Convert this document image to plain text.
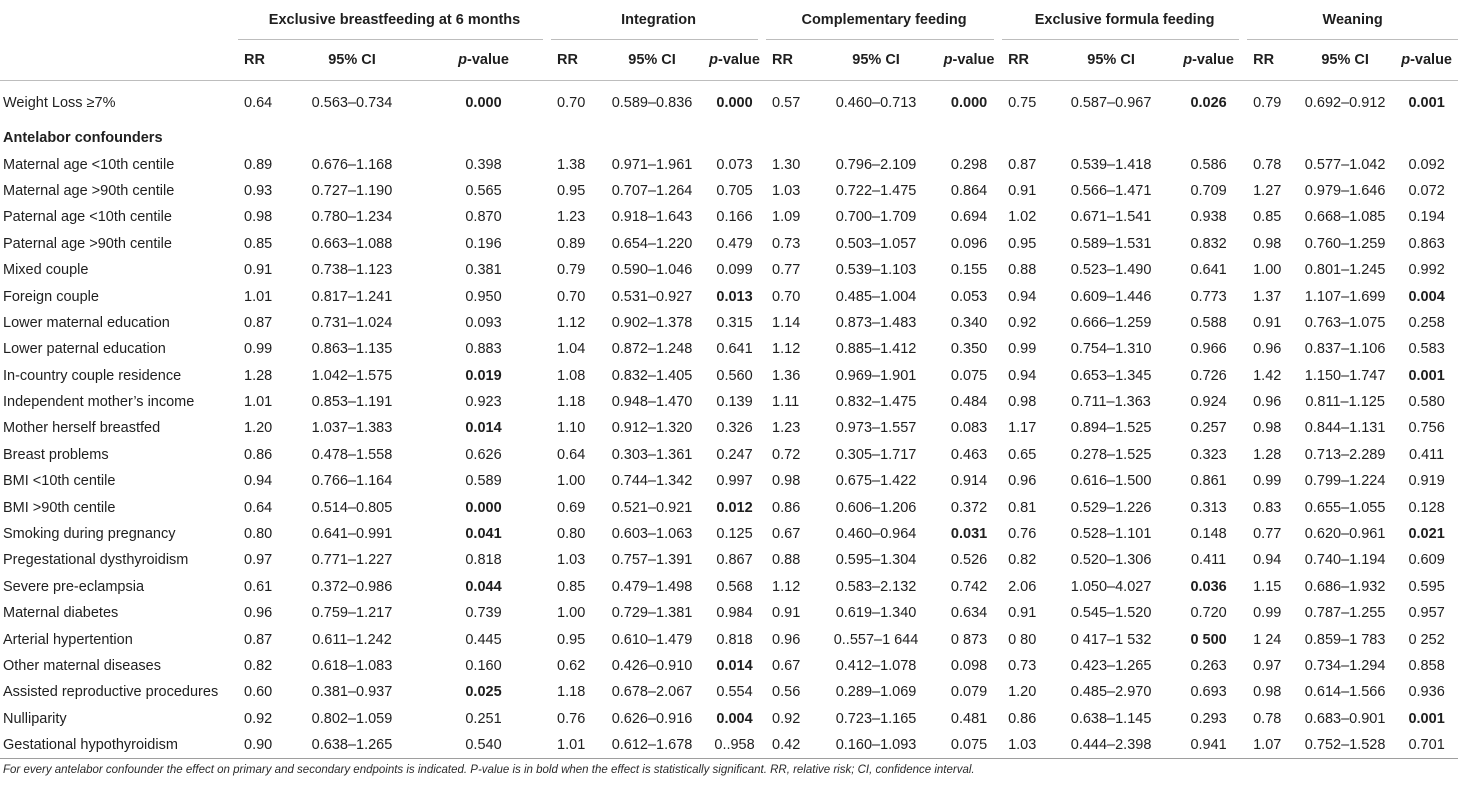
	Exclusive breastfeeding at 6 months			Integration			Complementary feeding			Exclusive formula feeding			Weaning		
	RR	95% CI	p-value	RR	95% CI	p-value	RR	95% CI	p-value	RR	95% CI	p-value	RR	95% CI	p-value
Weight Loss ≥7%	0.64	0.563–0.734	0.000	0.70	0.589–0.836	0.000	0.57	0.460–0.713	0.000	0.75	0.587–0.967	0.026	0.79	0.692–0.912	0.001
Antelabor confounders															
Maternal age <10th centile	0.89	0.676–1.168	0.398	1.38	0.971–1.961	0.073	1.30	0.796–2.109	0.298	0.87	0.539–1.418	0.586	0.78	0.577–1.042	0.092
Maternal age >90th centile	0.93	0.727–1.190	0.565	0.95	0.707–1.264	0.705	1.03	0.722–1.475	0.864	0.91	0.566–1.471	0.709	1.27	0.979–1.646	0.072
Paternal age <10th centile	0.98	0.780–1.234	0.870	1.23	0.918–1.643	0.166	1.09	0.700–1.709	0.694	1.02	0.671–1.541	0.938	0.85	0.668–1.085	0.194
Paternal age >90th centile	0.85	0.663–1.088	0.196	0.89	0.654–1.220	0.479	0.73	0.503–1.057	0.096	0.95	0.589–1.531	0.832	0.98	0.760–1.259	0.863
Mixed couple	0.91	0.738–1.123	0.381	0.79	0.590–1.046	0.099	0.77	0.539–1.103	0.155	0.88	0.523–1.490	0.641	1.00	0.801–1.245	0.992
Foreign couple	1.01	0.817–1.241	0.950	0.70	0.531–0.927	0.013	0.70	0.485–1.004	0.053	0.94	0.609–1.446	0.773	1.37	1.107–1.699	0.004
Lower maternal education	0.87	0.731–1.024	0.093	1.12	0.902–1.378	0.315	1.14	0.873–1.483	0.340	0.92	0.666–1.259	0.588	0.91	0.763–1.075	0.258
Lower paternal education	0.99	0.863–1.135	0.883	1.04	0.872–1.248	0.641	1.12	0.885–1.412	0.350	0.99	0.754–1.310	0.966	0.96	0.837–1.106	0.583
In-country couple residence	1.28	1.042–1.575	0.019	1.08	0.832–1.405	0.560	1.36	0.969–1.901	0.075	0.94	0.653–1.345	0.726	1.42	1.150–1.747	0.001
Independent mother’s income	1.01	0.853–1.191	0.923	1.18	0.948–1.470	0.139	1.11	0.832–1.475	0.484	0.98	0.711–1.363	0.924	0.96	0.811–1.125	0.580
Mother herself breastfed	1.20	1.037–1.383	0.014	1.10	0.912–1.320	0.326	1.23	0.973–1.557	0.083	1.17	0.894–1.525	0.257	0.98	0.844–1.131	0.756
Breast problems	0.86	0.478–1.558	0.626	0.64	0.303–1.361	0.247	0.72	0.305–1.717	0.463	0.65	0.278–1.525	0.323	1.28	0.713–2.289	0.411
BMI <10th centile	0.94	0.766–1.164	0.589	1.00	0.744–1.342	0.997	0.98	0.675–1.422	0.914	0.96	0.616–1.500	0.861	0.99	0.799–1.224	0.919
BMI >90th centile	0.64	0.514–0.805	0.000	0.69	0.521–0.921	0.012	0.86	0.606–1.206	0.372	0.81	0.529–1.226	0.313	0.83	0.655–1.055	0.128
Smoking during pregnancy	0.80	0.641–0.991	0.041	0.80	0.603–1.063	0.125	0.67	0.460–0.964	0.031	0.76	0.528–1.101	0.148	0.77	0.620–0.961	0.021
Pregestational dysthyroidism	0.97	0.771–1.227	0.818	1.03	0.757–1.391	0.867	0.88	0.595–1.304	0.526	0.82	0.520–1.306	0.411	0.94	0.740–1.194	0.609
Severe pre-eclampsia	0.61	0.372–0.986	0.044	0.85	0.479–1.498	0.568	1.12	0.583–2.132	0.742	2.06	1.050–4.027	0.036	1.15	0.686–1.932	0.595
Maternal diabetes	0.96	0.759–1.217	0.739	1.00	0.729–1.381	0.984	0.91	0.619–1.340	0.634	0.91	0.545–1.520	0.720	0.99	0.787–1.255	0.957
Arterial hypertention	0.87	0.611–1.242	0.445	0.95	0.610–1.479	0.818	0.96	0..557–1 644	0 873	0 80	0 417–1 532	0 500	1 24	0.859–1 783	0 252
Other maternal diseases	0.82	0.618–1.083	0.160	0.62	0.426–0.910	0.014	0.67	0.412–1.078	0.098	0.73	0.423–1.265	0.263	0.97	0.734–1.294	0.858
Assisted reproductive procedures	0.60	0.381–0.937	0.025	1.18	0.678–2.067	0.554	0.56	0.289–1.069	0.079	1.20	0.485–2.970	0.693	0.98	0.614–1.566	0.936
Nulliparity	0.92	0.802–1.059	0.251	0.76	0.626–0.916	0.004	0.92	0.723–1.165	0.481	0.86	0.638–1.145	0.293	0.78	0.683–0.901	0.001
Gestational hypothyroidism	0.90	0.638–1.265	0.540	1.01	0.612–1.678	0..958	0.42	0.160–1.093	0.075	1.03	0.444–2.398	0.941	1.07	0.752–1.528	0.701
For every antelabor confounder the effect on primary and secondary endpoints is indicated. P-value is in bold when the effect is statistically significant. RR, relative risk; CI, confidence interval.
